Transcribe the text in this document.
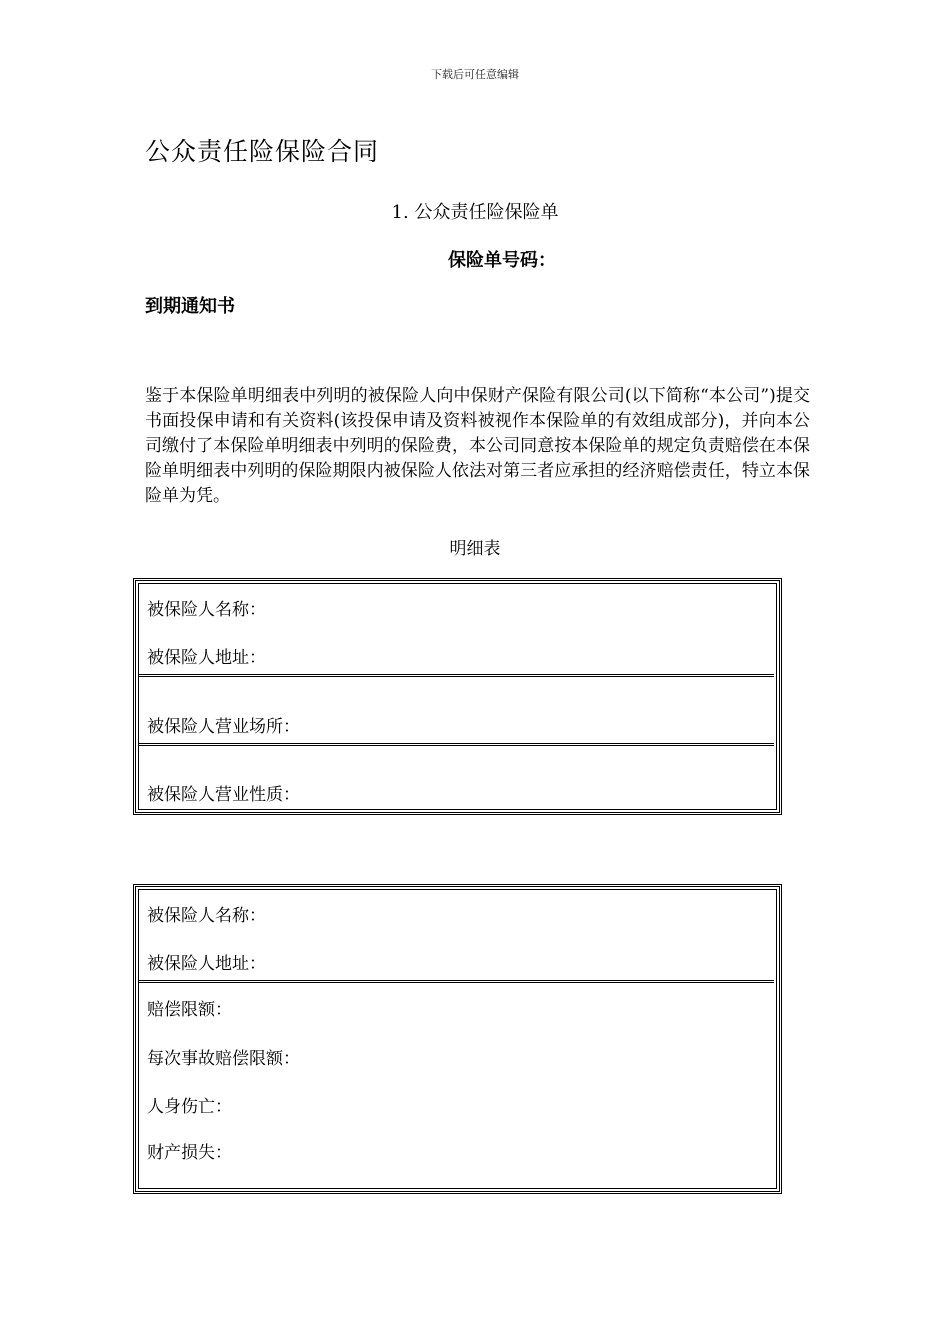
下载后可任意编辑
公众责任险保险合同
1. 公众责任险保险单
保险单号码：
到期通知书
鉴于本保险单明细表中列明的被保险人向中保财产保险有限公司(以下简称“本公司”)提交书面投保申请和有关资料(该投保申请及资料被视作本保险单的有效组成部分)，并向本公司缴付了本保险单明细表中列明的保险费，本公司同意按本保险单的规定负责赔偿在本保险单明细表中列明的保险期限内被保险人依法对第三者应承担的经济赔偿责任，特立本保险单为凭。
明细表
被保险人名称：
被保险人地址：
被保险人营业场所：
被保险人营业性质：
被保险人名称：
被保险人地址：
赔偿限额：
每次事故赔偿限额：
人身伤亡：
财产损失：
